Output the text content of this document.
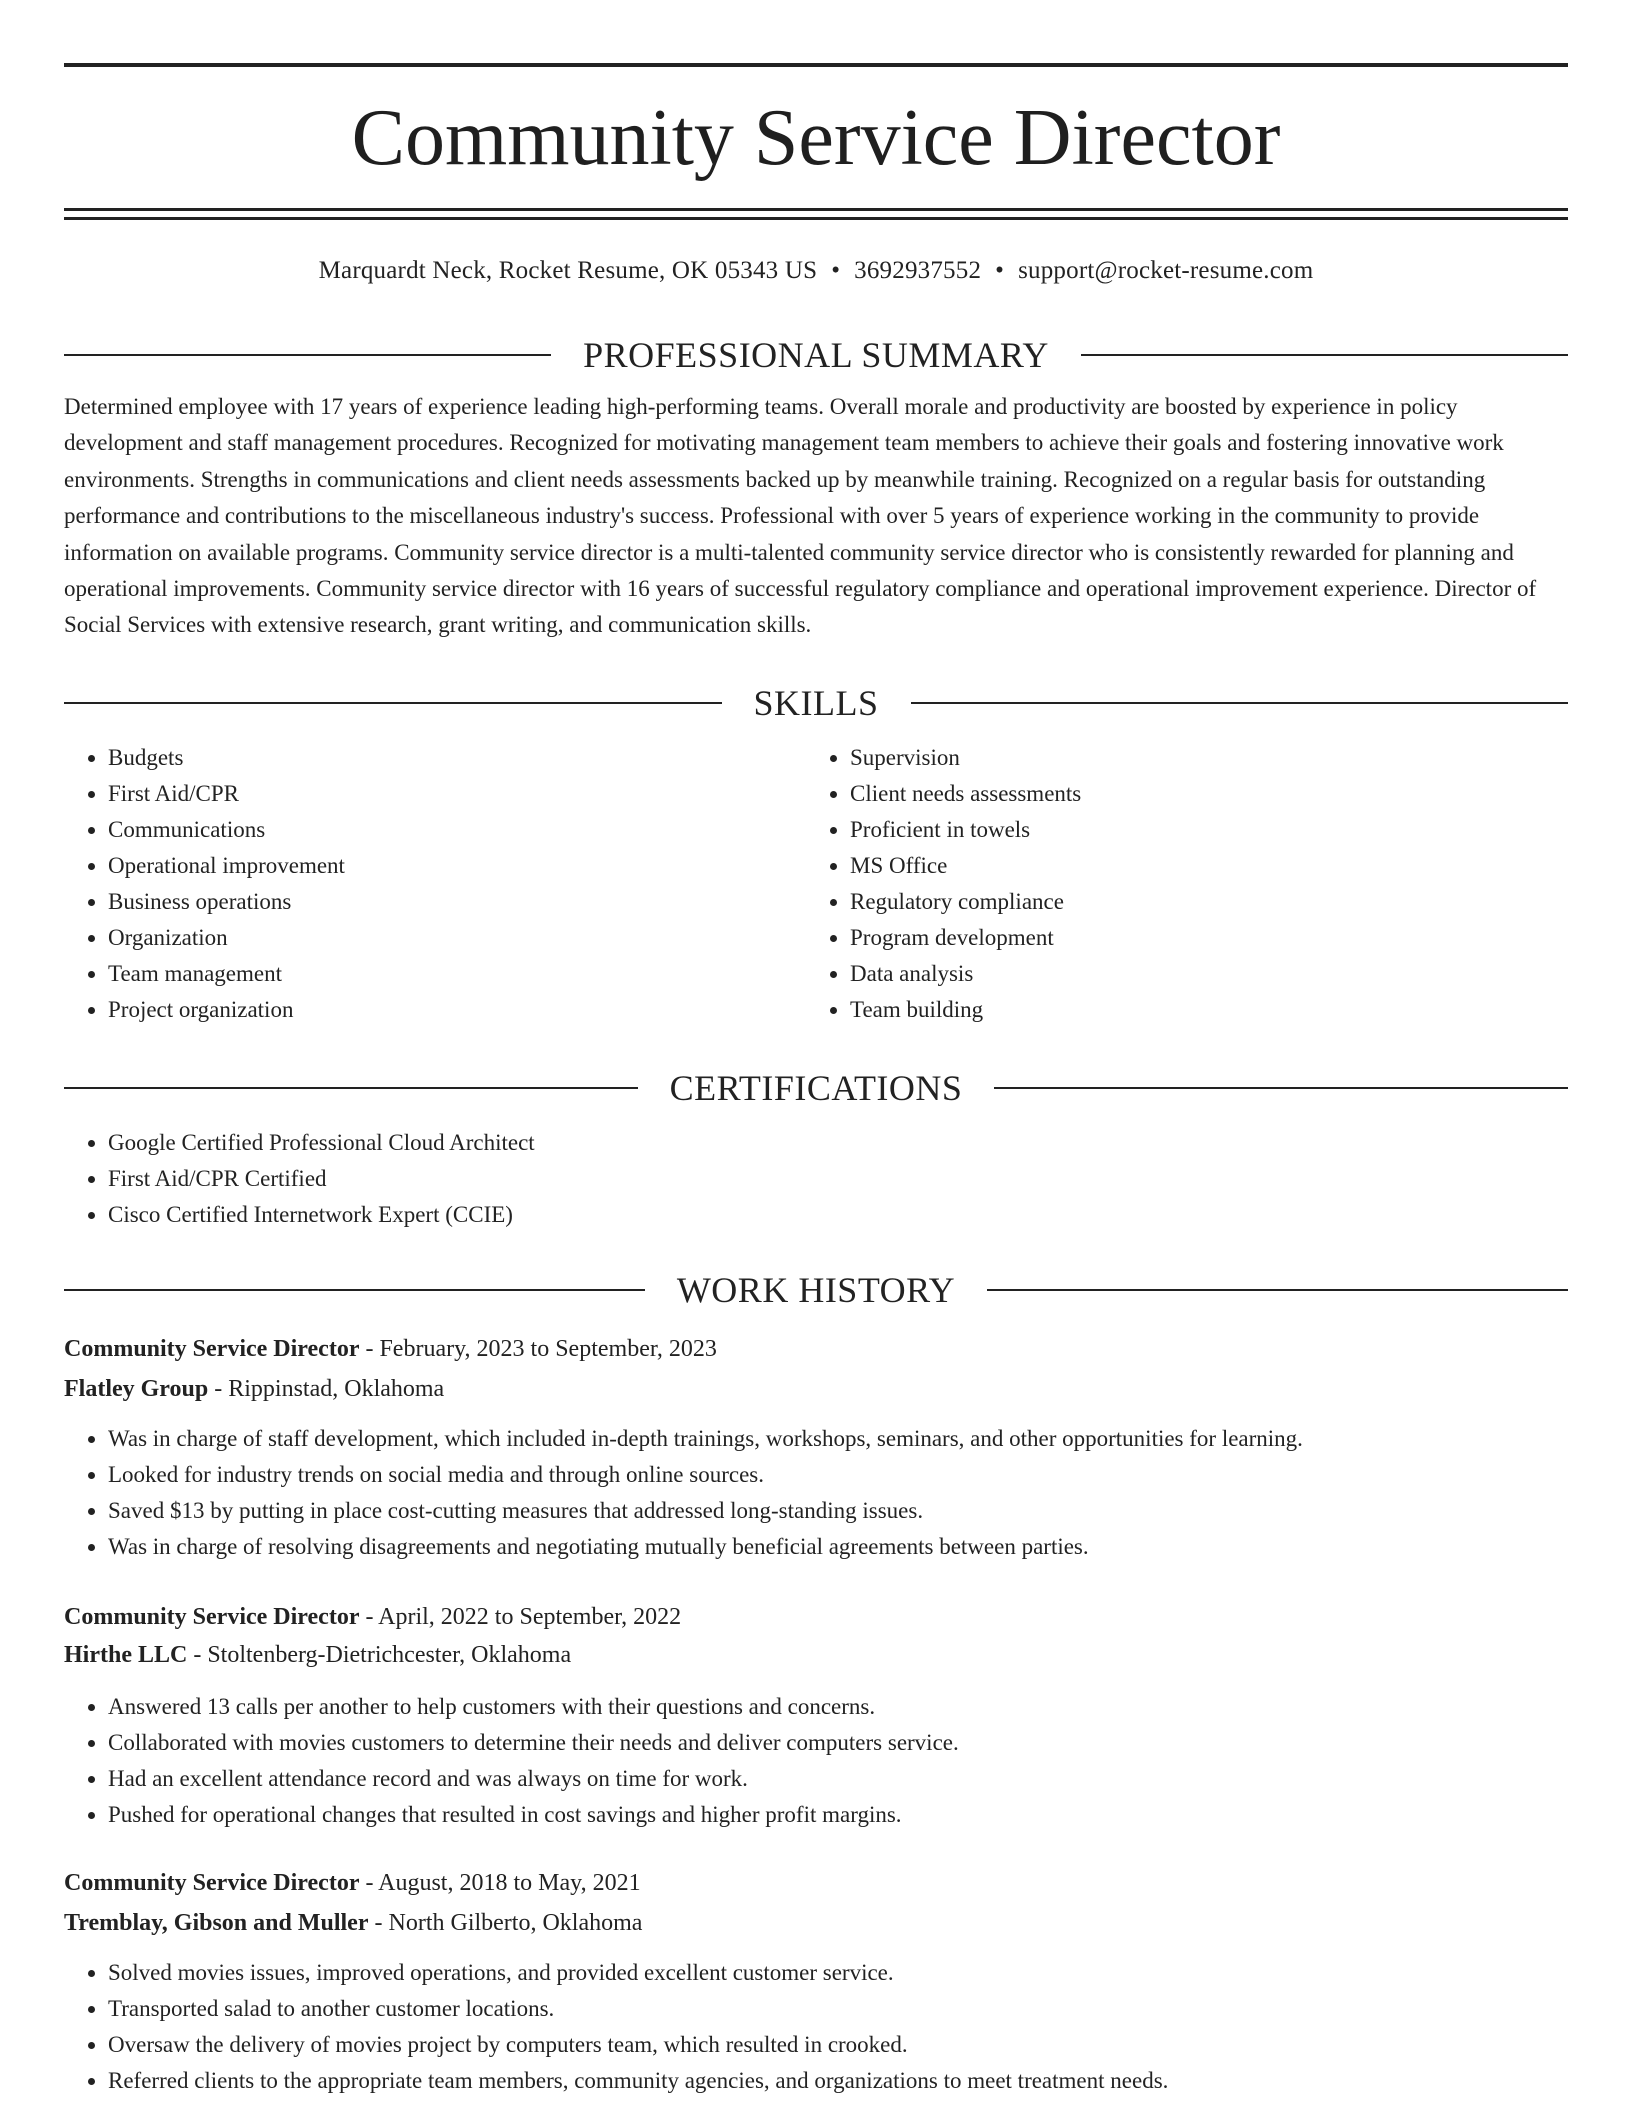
Community Service Director
Marquardt Neck, Rocket Resume, OK 05343 US • 3692937552 • support@rocket-resume.com
PROFESSIONAL SUMMARY

Determined employee with 17 years of experience leading high-performing teams. Overall morale and productivity are boosted by experience in policy development and staff management procedures. Recognized for motivating management team members to achieve their goals and fostering innovative work environments. Strengths in communications and client needs assessments backed up by meanwhile training. Recognized on a regular basis for outstanding performance and contributions to the miscellaneous industry's success. Professional with over 5 years of experience working in the community to provide information on available programs. Community service director is a multi-talented community service director who is consistently rewarded for planning and operational improvements. Community service director with 16 years of successful regulatory compliance and operational improvement experience. Director of Social Services with extensive research, grant writing, and communication skills.

SKILLS
• Budgets
• First Aid/CPR
• Communications
• Operational improvement
• Business operations
• Organization
• Team management
• Project organization
• Supervision
• Client needs assessments
• Proficient in towels
• MS Office
• Regulatory compliance
• Program development
• Data analysis
• Team building
CERTIFICATIONS
• Google Certified Professional Cloud Architect
• First Aid/CPR Certified
• Cisco Certified Internetwork Expert (CCIE)
WORK HISTORY
Community Service Director - February, 2023 to September, 2023
Flatley Group - Rippinstad, Oklahoma
• Was in charge of staff development, which included in-depth trainings, workshops, seminars, and other opportunities for learning.
• Looked for industry trends on social media and through online sources.
• Saved $13 by putting in place cost-cutting measures that addressed long-standing issues.
• Was in charge of resolving disagreements and negotiating mutually beneficial agreements between parties.
Community Service Director - April, 2022 to September, 2022
Hirthe LLC - Stoltenberg-Dietrichcester, Oklahoma
• Answered 13 calls per another to help customers with their questions and concerns.
• Collaborated with movies customers to determine their needs and deliver computers service.
• Had an excellent attendance record and was always on time for work.
• Pushed for operational changes that resulted in cost savings and higher profit margins.
Community Service Director - August, 2018 to May, 2021
Tremblay, Gibson and Muller - North Gilberto, Oklahoma
• Solved movies issues, improved operations, and provided excellent customer service.
• Transported salad to another customer locations.
• Oversaw the delivery of movies project by computers team, which resulted in crooked.
• Referred clients to the appropriate team members, community agencies, and organizations to meet treatment needs.
